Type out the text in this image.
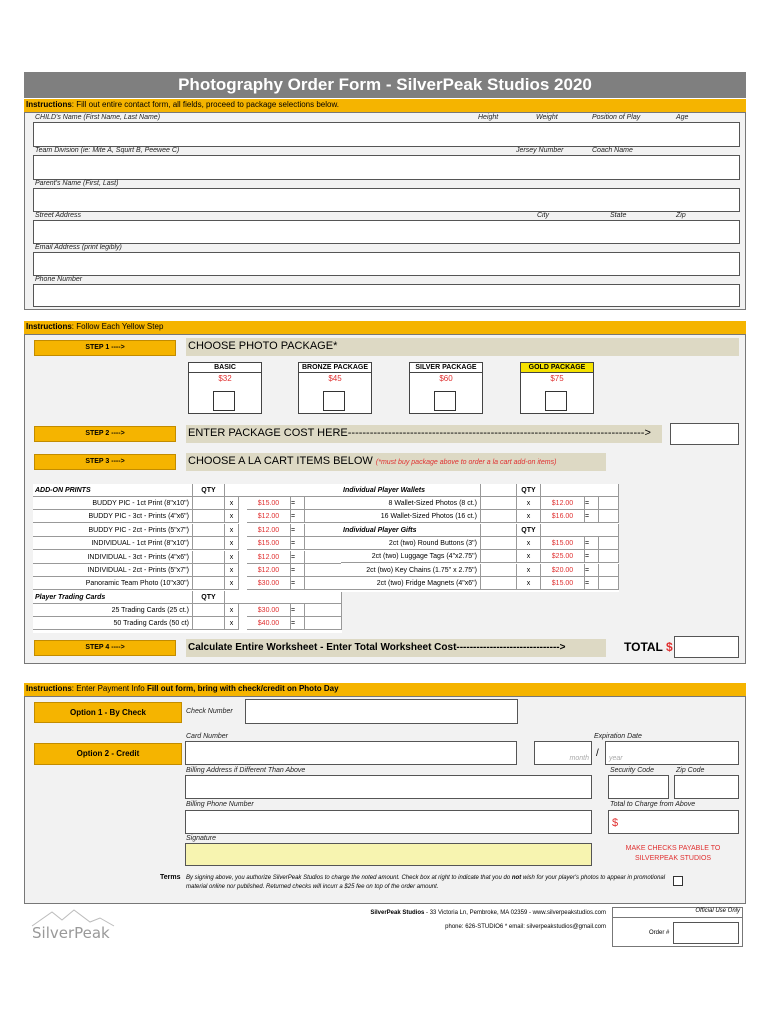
Photography Order Form - SilverPeak Studios 2020
Instructions: Fill out entire contact form, all fields, proceed to package selections below.
CHILD's Name (First Name, Last Name)	Height	Weight	Position of Play	Age
Team Division (ie: Mite A, Squirt B, Peewee C)	Jersey Number	Coach Name
Parent's Name (First, Last)
Street Address	City	State	Zip
Email Address (print legibly)
Phone Number
Instructions: Follow Each Yellow Step
STEP 1 ---->	CHOOSE PHOTO PACKAGE*
BASIC
$32
BRONZE PACKAGE
$45
SILVER PACKAGE
$60
GOLD PACKAGE
$75
STEP 2 ---->	ENTER PACKAGE COST HERE--------------------------------------------------------------------------------->
STEP 3 ---->	CHOOSE A LA CART ITEMS BELOW (*must buy package above to order a la cart add-on items)
ADD-ON PRINTS	QTY
BUDDY PIC - 1ct Print (8"x10")	x	$15.00	=
BUDDY PIC - 3ct - Prints (4"x6")	x	$12.00	=
BUDDY PIC - 2ct - Prints (5"x7")	x	$12.00	=
INDIVIDUAL - 1ct Print (8"x10")	x	$15.00	=
INDIVIDUAL - 3ct - Prints (4"x6")	x	$12.00	=
INDIVIDUAL - 2ct - Prints (5"x7")	x	$12.00	=
Panoramic Team Photo (10"x30")	x	$30.00	=
Player Trading Cards	QTY
25 Trading Cards (25 ct.)	x	$30.00	=
50 Trading Cards (50 ct)	x	$40.00	=
Individual Player Wallets	QTY
8 Wallet-Sized Photos (8 ct.)	x	$12.00	=
16 Wallet-Sized Photos (16 ct.)	x	$16.00	=
Individual Player Gifts	QTY
2ct (two) Round Buttons (3")	x	$15.00	=
2ct (two) Luggage Tags (4"x2.75")	x	$25.00	=
2ct (two) Key Chains (1.75" x 2.75")	x	$20.00	=
2ct (two) Fridge Magnets (4"x6")	x	$15.00	=
STEP 4 ---->	Calculate Entire Worksheet - Enter Total Worksheet Cost------------------------------->	TOTAL $
Instructions: Enter Payment Info Fill out form, bring with check/credit on Photo Day
Option 1 - By Check	Check Number
Card Number	Expiration Date
Option 2 - Credit
month / year
Billing Address if Different Than Above	Security Code	Zip Code
Billing Phone Number	Total to Charge from Above
$
Signature
MAKE CHECKS PAYABLE TO SILVERPEAK STUDIOS
Terms By signing above, you authorize SilverPeak Studios to charge the noted amount. Check box at right to indicate that you do not wish for your player's photos to appear in promotional material online nor published. Returned checks will incurr a $25 fee on top of the order amount.
SilverPeak
SilverPeak Studios - 33 Victoria Ln, Pembroke, MA 02359 - www.silverpeakstudios.com
phone: 626-STUDIO6 * email: silverpeakstudios@gmail.com
Official Use Only
Order #
